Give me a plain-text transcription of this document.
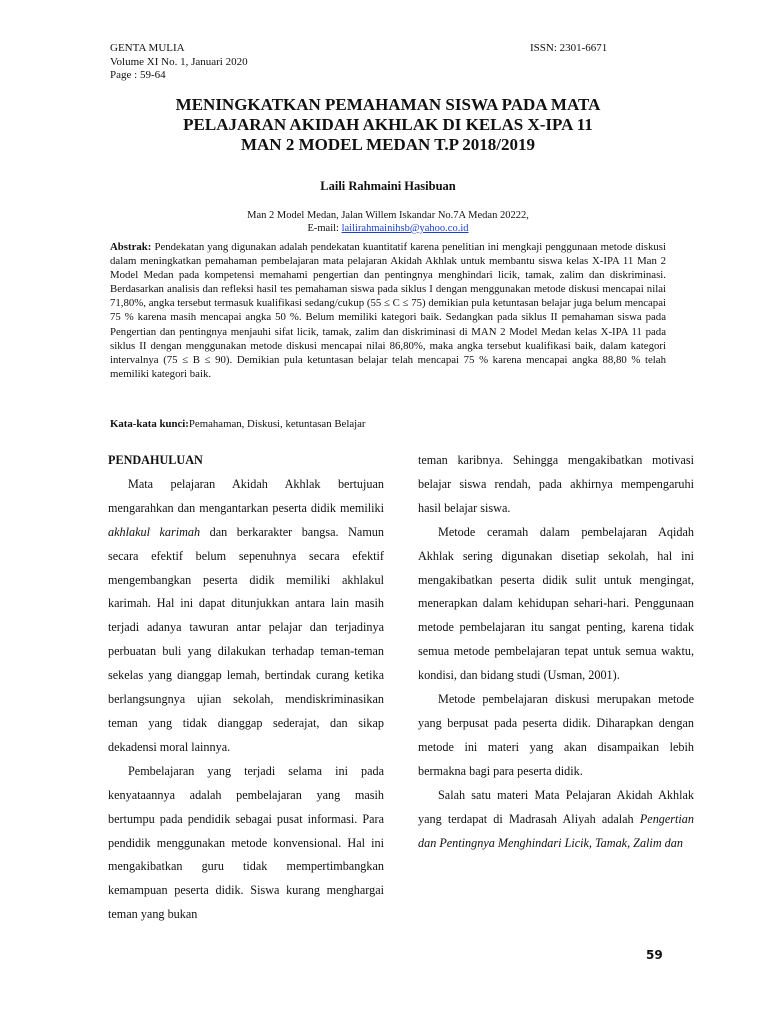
GENTA MULIA
Volume XI No. 1, Januari 2020
Page : 59-64
ISSN: 2301-6671
MENINGKATKAN PEMAHAMAN SISWA PADA MATA
PELAJARAN AKIDAH AKHLAK DI KELAS X-IPA 11
MAN 2 MODEL MEDAN T.P 2018/2019
Laili Rahmaini Hasibuan
Man 2 Model Medan, Jalan Willem Iskandar No.7A Medan 20222,
E-mail: lailirahmainihsb@yahoo.co.id
Abstrak: Pendekatan yang digunakan adalah pendekatan kuantitatif karena penelitian ini mengkaji penggunaan metode diskusi dalam meningkatkan pemahaman pembelajaran mata pelajaran Akidah Akhlak untuk membantu siswa kelas X-IPA 11 Man 2 Model Medan pada kompetensi memahami pengertian dan pentingnya menghindari licik, tamak, zalim dan diskriminasi. Berdasarkan analisis dan refleksi hasil tes pemahaman siswa pada siklus I dengan menggunakan metode diskusi mencapai nilai 71,80%, angka tersebut termasuk kualifikasi sedang/cukup (55 ≤ C ≤ 75) demikian pula ketuntasan belajar juga belum mencapai 75 % karena masih mencapai angka 50 %. Belum memiliki kategori baik. Sedangkan pada siklus II pemahaman siswa pada Pengertian dan pentingnya menjauhi sifat licik, tamak, zalim dan diskriminasi di MAN 2 Model Medan kelas X-IPA 11 pada siklus II dengan menggunakan metode diskusi mencapai nilai 86,80%, maka angka tersebut kualifikasi baik, dalam kategori intervalnya (75 ≤ B ≤ 90). Demikian pula ketuntasan belajar telah mencapai 75 % karena mencapai angka 88,80 % telah memiliki kategori baik.
Kata-kata kunci:Pemahaman, Diskusi, ketuntasan Belajar
PENDAHULUAN

Mata pelajaran Akidah Akhlak bertujuan mengarahkan dan mengantarkan peserta didik memiliki akhlakul karimah dan berkarakter bangsa. Namun secara efektif belum sepenuhnya secara efektif mengembangkan peserta didik memiliki akhlakul karimah. Hal ini dapat ditunjukkan antara lain masih terjadi adanya tawuran antar pelajar dan terjadinya perbuatan buli yang dilakukan terhadap teman-teman sekelas yang dianggap lemah, bertindak curang ketika berlangsungnya ujian sekolah, mendiskriminasikan teman yang tidak dianggap sederajat, dan sikap dekadensi moral lainnya.

Pembelajaran yang terjadi selama ini pada kenyataannya adalah pembelajaran yang masih bertumpu pada pendidik sebagai pusat informasi. Para pendidik menggunakan metode konvensional. Hal ini mengakibatkan guru tidak mempertimbangkan kemampuan peserta didik. Siswa kurang menghargai teman yang bukan

teman karibnya. Sehingga mengakibatkan motivasi belajar siswa rendah, pada akhirnya mempengaruhi hasil belajar siswa.

Metode ceramah dalam pembelajaran Aqidah Akhlak sering digunakan disetiap sekolah, hal ini mengakibatkan peserta didik sulit untuk mengingat, menerapkan dalam kehidupan sehari-hari. Penggunaan metode pembelajaran itu sangat penting, karena tidak semua metode pembelajaran tepat untuk semua waktu, kondisi, dan bidang studi (Usman, 2001).

Metode pembelajaran diskusi merupakan metode yang berpusat pada peserta didik. Diharapkan dengan metode ini materi yang akan disampaikan lebih bermakna bagi para peserta didik.

Salah satu materi Mata Pelajaran Akidah Akhlak yang terdapat di Madrasah Aliyah adalah Pengertian dan Pentingnya Menghindari Licik, Tamak, Zalim dan

59
